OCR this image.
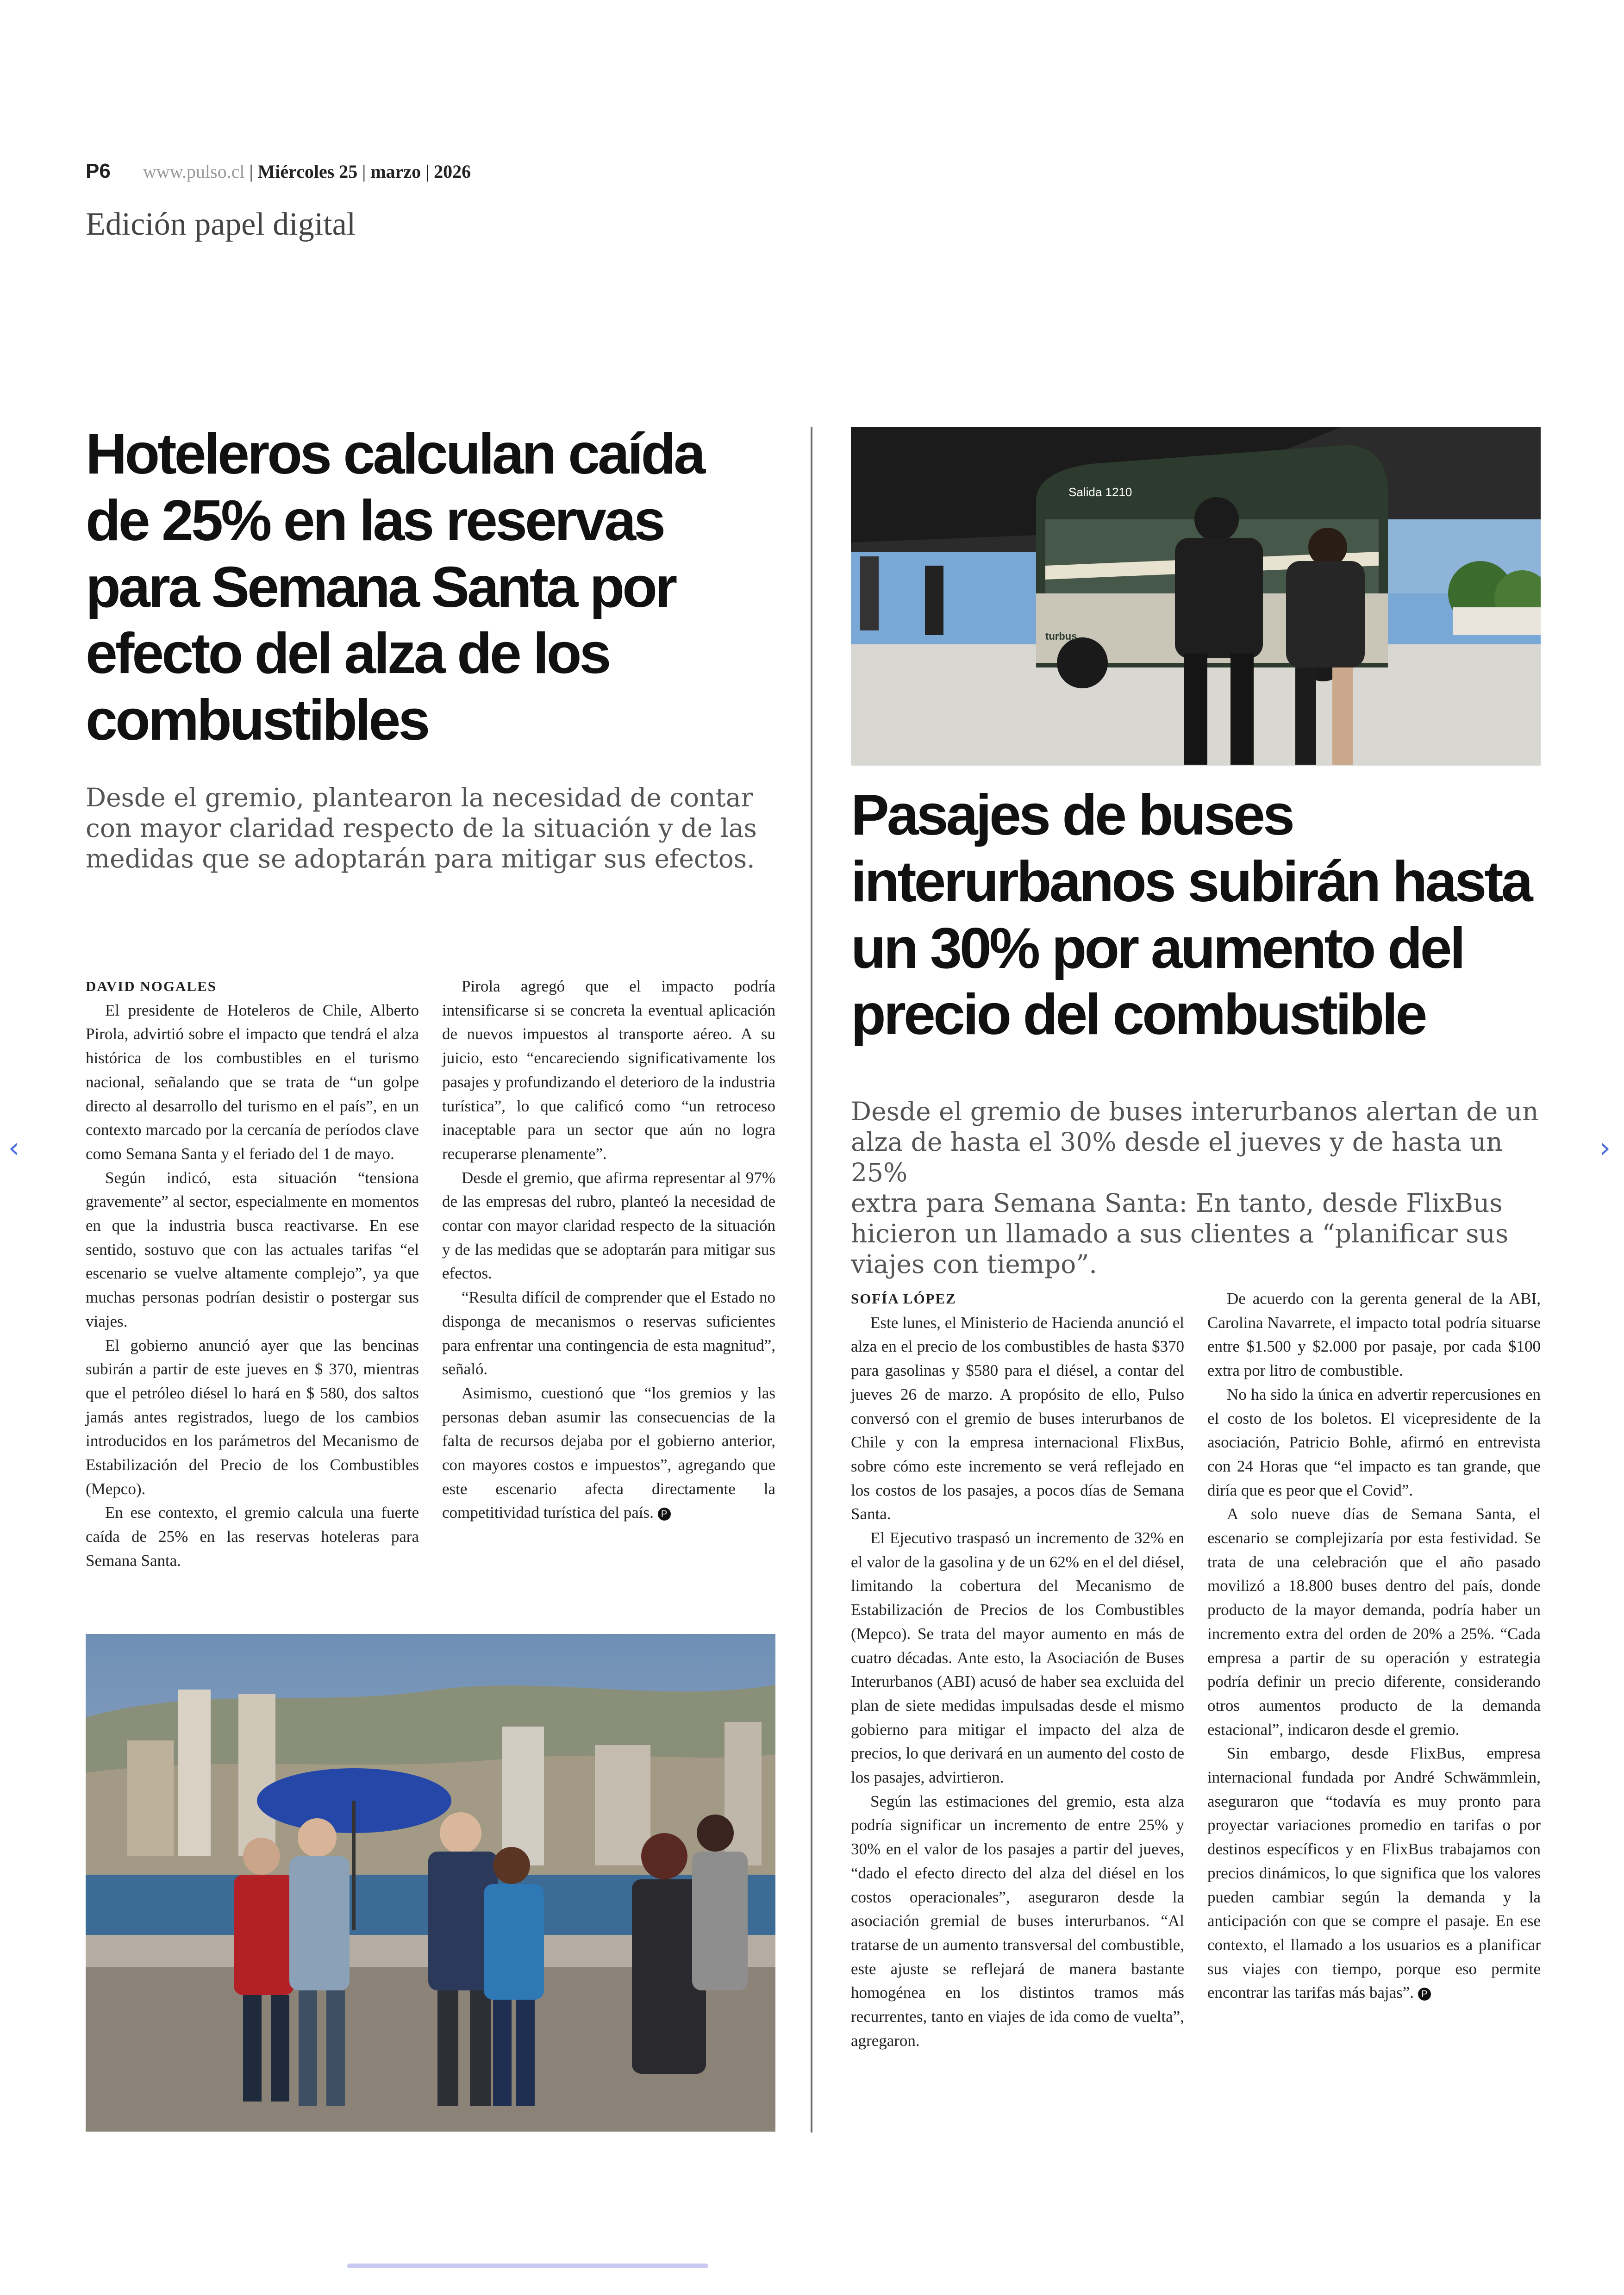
P6 www.pulso.cl | Miércoles 25 | marzo | 2026
Edición papel digital
‹	›
Hoteleros calculan caída
de 25% en las reservas
para Semana Santa por
efecto del alza de los
combustibles

Desde el gremio, plantearon la necesidad de contar
con mayor claridad respecto de la situación y de las
medidas que se adoptarán para mitigar sus efectos.

DAVID NOGALES

El presidente de Hoteleros de Chile, Alberto Pirola, advirtió sobre el impacto que tendrá el alza histórica de los combustibles en el turismo nacional, señalando que se trata de “un golpe directo al desarrollo del turismo en el país”, en un contexto marcado por la cercanía de períodos clave como Semana Santa y el feriado del 1 de mayo.

Según indicó, esta situación “tensiona gravemente” al sector, especialmente en momentos en que la industria busca reactivarse. En ese sentido, sostuvo que con las actuales tarifas “el escenario se vuelve altamente complejo”, ya que muchas personas podrían desistir o postergar sus viajes.

El gobierno anunció ayer que las bencinas subirán a partir de este jueves en $ 370, mientras que el petróleo diésel lo hará en $ 580, dos saltos jamás antes registrados, luego de los cambios introducidos en los parámetros del Mecanismo de Estabilización del Precio de los Combustibles (Mepco).

En ese contexto, el gremio calcula una fuerte caída de 25% en las reservas hoteleras para Semana Santa.

Pirola agregó que el impacto podría intensificarse si se concreta la eventual aplicación de nuevos impuestos al transporte aéreo. A su juicio, esto “encareciendo significativamente los pasajes y profundizando el deterioro de la industria turística”, lo que calificó como “un retroceso inaceptable para un sector que aún no logra recuperarse plenamente”.

Desde el gremio, que afirma representar al 97% de las empresas del rubro, planteó la necesidad de contar con mayor claridad respecto de la situación y de las medidas que se adoptarán para mitigar sus efectos.

“Resulta difícil de comprender que el Estado no disponga de mecanismos o reservas suficientes para enfrentar una contingencia de esta magnitud”, señaló.

Asimismo, cuestionó que “los gremios y las personas deban asumir las consecuencias de la falta de recursos dejaba por el gobierno anterior, con mayores costos e impuestos”, agregando que este escenario afecta directamente la competitividad turística del país. P

Salida 1210
turbus
Pasajes de buses
interurbanos subirán hasta
un 30% por aumento del
precio del combustible

Desde el gremio de buses interurbanos alertan de un
alza de hasta el 30% desde el jueves y de hasta un 25%
extra para Semana Santa: En tanto, desde FlixBus
hicieron un llamado a sus clientes a “planificar sus
viajes con tiempo”.

SOFÍA LÓPEZ

Este lunes, el Ministerio de Hacienda anunció el alza en el precio de los combustibles de hasta $370 para gasolinas y $580 para el diésel, a contar del jueves 26 de marzo. A propósito de ello, Pulso conversó con el gremio de buses interurbanos de Chile y con la empresa internacional FlixBus, sobre cómo este incremento se verá reflejado en los costos de los pasajes, a pocos días de Semana Santa.

El Ejecutivo traspasó un incremento de 32% en el valor de la gasolina y de un 62% en el del diésel, limitando la cobertura del Mecanismo de Estabilización de Precios de los Combustibles (Mepco). Se trata del mayor aumento en más de cuatro décadas. Ante esto, la Asociación de Buses Interurbanos (ABI) acusó de haber sea excluida del plan de siete medidas impulsadas desde el mismo gobierno para mitigar el impacto del alza de precios, lo que derivará en un aumento del costo de los pasajes, advirtieron.

Según las estimaciones del gremio, esta alza podría significar un incremento de entre 25% y 30% en el valor de los pasajes a partir del jueves, “dado el efecto directo del alza del diésel en los costos operacionales”, aseguraron desde la asociación gremial de buses interurbanos. “Al tratarse de un aumento transversal del combustible, este ajuste se reflejará de manera bastante homogénea en los distintos tramos más recurrentes, tanto en viajes de ida como de vuelta”, agregaron.

De acuerdo con la gerenta general de la ABI, Carolina Navarrete, el impacto total podría situarse entre $1.500 y $2.000 por pasaje, por cada $100 extra por litro de combustible.

No ha sido la única en advertir repercusiones en el costo de los boletos. El vicepresidente de la asociación, Patricio Bohle, afirmó en entrevista con 24 Horas que “el impacto es tan grande, que diría que es peor que el Covid”.

A solo nueve días de Semana Santa, el escenario se complejizaría por esta festividad. Se trata de una celebración que el año pasado movilizó a 18.800 buses dentro del país, donde producto de la mayor demanda, podría haber un incremento extra del orden de 20% a 25%. “Cada empresa a partir de su operación y estrategia podría definir un precio diferente, considerando otros aumentos producto de la demanda estacional”, indicaron desde el gremio.

Sin embargo, desde FlixBus, empresa internacional fundada por André Schwämmlein, aseguraron que “todavía es muy pronto para proyectar variaciones promedio en tarifas o por destinos específicos y en FlixBus trabajamos con precios dinámicos, lo que significa que los valores pueden cambiar según la demanda y la anticipación con que se compre el pasaje. En ese contexto, el llamado a los usuarios es a planificar sus viajes con tiempo, porque eso permite encontrar las tarifas más bajas”. P
